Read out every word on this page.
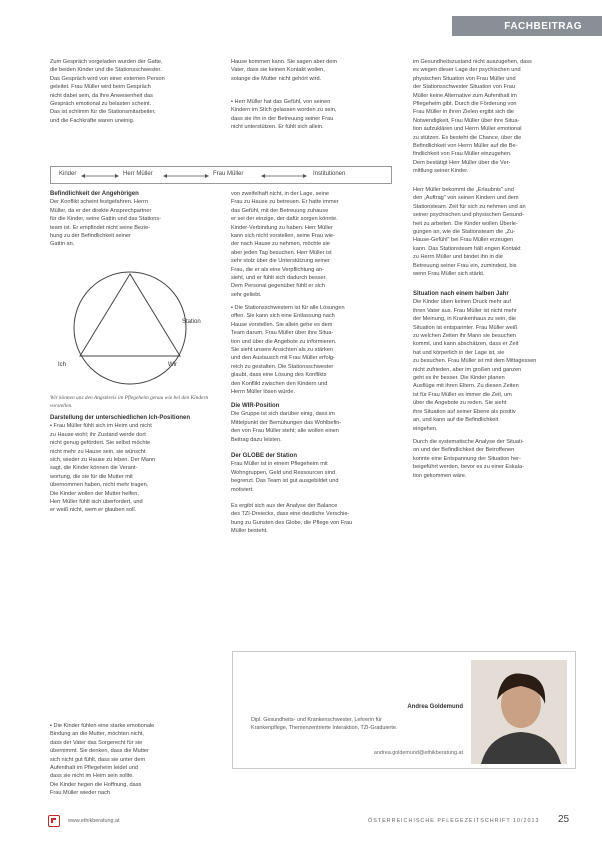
FACHBEITRAG
Zum Gespräch vorgeladen wurden der Gatte,
die beiden Kinder und die Stationsschwester.
Das Gespräch wird von einer externen Person
geleitet. Frau Müller wird beim Gespräch
nicht dabei sein, da ihre Anwesenheit das
Gespräch emotional zu belasten scheint.
Das ist schlimm für die Stationsmitarbeiter,
und die Fachkräfte waren uneinig.
Kinder	Herr Müller	Frau Müller	Institutionen
Befindlichkeit der Angehörigen
Der Konflikt scheint festgefahren. Herrn
Müller, da er der direkte Ansprechpartner
für die Kinder, seine Gattin und das Stations-
team ist. Er empfindet nicht seine Bezie-
hung zu der Befindlichkeit seiner
Gattin an.
Station
Ich	Wir
Wir können uns den Angstkreis im Pflegeheim genau wie bei den Kindern vorstellen.
Darstellung der unterschiedlichen Ich-Positionen
▪ Frau Müller fühlt sich im Heim und nicht
zu Hause wohl; ihr Zustand werde dort
nicht genug gefördert. Sie selbst möchte
nicht mehr zu Hause sein, sie wünscht
sich, wieder zu Hause zu leben. Der Mann
sagt, die Kinder können die Verant-
wortung, die sie für die Mutter mit
übernommen haben, nicht mehr tragen.
Die Kinder wollen der Mutter helfen.
Herr Müller fühlt sich überfordert, und
er weiß nicht, wem er glauben soll.
▪ Die Kinder fühlen eine starke emotionale
Bindung an die Mutter, möchten nicht,
dass der Vater das Sorgerecht für sie
übernimmt. Sie denken, dass die Mutter
sich nicht gut fühlt, dass sie unter dem
Aufenthalt im Pflegeheim leidet und
dass sie nicht im Heim sein sollte.
Die Kinder hegen die Hoffnung, dass
Frau Müller wieder nach
Hause kommen kann. Sie sagen aber dem
Vater, dass sie keinen Kontakt wollen,
solange die Mutter nicht gehört wird.
▪ Herr Müller hat das Gefühl, von seinen
Kindern im Stich gelassen worden zu sein,
dass sie ihn in der Betreuung seiner Frau
nicht unterstützen. Er fühlt sich allein.
von zweifelhaft nicht, in der Lage, seine
Frau zu Hause zu betreuen. Er hatte immer
das Gefühl, mit der Betreuung zuhause
er sei der einzige, der dafür sorgen könnte.
Kinder-Verbindung zu haben. Herr Müller
kann sich nicht vorstellen, seine Frau wie-
der nach Hause zu nehmen, möchte sie
aber jeden Tag besuchen. Herr Müller ist
sehr stolz über die Unterstützung seiner
Frau, die er als eine Verpflichtung an-
sieht, und er fühlt sich dadurch besser.
Dem Personal gegenüber fühlt er sich
sehr geliebt.
▪ Die Stationsschwestern ist für alle Lösungen
offen. Sie kann sich eine Entlassung nach
Hause vorstellen. Sie allein gehe es dem
Team darum, Frau Müller über ihre Situa-
tion und über die Angebote zu informieren.
Sie sieht unsere Ansichten als zu stärken
und den Austausch mit Frau Müller erfolg-
reich zu gestalten. Die Stationsschwester
glaubt, dass eine Lösung des Konflikts
den Konflikt zwischen den Kindern und
Herrn Müller lösen würde.
Die WIR-Position
Die Gruppe ist sich darüber einig, dass im
Mittelpunkt der Bemühungen das Wohlbefin-
den von Frau Müller steht; alle wollen einen
Beitrag dazu leisten.
Der GLOBE der Station
Frau Müller ist in einem Pflegeheim mit
Wohngruppen, Geld und Ressourcen sind
begrenzt. Das Team ist gut ausgebildet und
motiviert.
Es ergibt sich aus der Analyse der Balance
des TZI-Dreiecks, dass eine deutliche Verschie-
bung zu Gunsten des Globe, die Pflege von Frau
Müller besteht.
im Gesundheitszustand nicht auszugehen, dass
es wegen dieser Lage der psychischen und
physischen Situation von Frau Müller und
der Stationsschwester Situation von Frau
Müller keine Alternative zum Aufenthalt im
Pflegeheim gibt. Durch die Förderung von
Frau Müller in ihren Zielen ergibt sich die
Notwendigkeit, Frau Müller über ihre Situa-
tion aufzuklären und Herrn Müller emotional
zu stützen. Es besteht die Chance, über die
Befindlichkeit von Herrn Müller auf die Be-
findlichkeit von Frau Müller einzugehen.
Dem bestätigt Herr Müller über die Ver-
mittlung seiner Kinder.
Herr Müller bekommt die „Erlaubnis" und
den „Auftrag" von seinen Kindern und dem
Stationsteam. Zeit für sich zu nehmen und an
seiner psychischen und physischen Gesund-
heit zu arbeiten. Die Kinder wollen Überle-
gungen an, wie die Stationsteam die „Zu-
Hause-Gefühl" bei Frau Müller erzeugen
kann. Das Stationsteam hält engen Kontakt
zu Herrn Müller und bindet ihn in die
Betreuung seiner Frau ein, zumindest, bis
wenn Frau Müller sich stärkt.
Situation nach einem halben Jahr
Die Kinder üben keinen Druck mehr auf
ihren Vater aus. Frau Müller ist nicht mehr
der Meinung, in Krankenhaus zu sein, die
Situation ist entspannter. Frau Müller weiß
zu welchen Zeiten ihr Mann sie besuchen
kommt, und kann abschätzen, dass er Zeit
hat und körperlich in der Lage ist, sie
zu besuchen. Frau Müller ist mit dem Mittagessen
nicht zufrieden, aber im großen und ganzen
geht es ihr besser. Die Kinder planen
Ausflüge mit ihren Eltern. Zu diesen Zeiten
ist für Frau Müller es immer die Zeit, um
über die Angebote zu reden. Sie sieht
ihre Situation auf seiner Ebene als positiv
an, und kann auf die Befindlichkeit
eingehen.
Durch die systematische Analyse der Situati-
on und der Befindlichkeit der Betroffenen
konnte eine Entspannung der Situation her-
beigeführt werden, bevor es zu einer Eskala-
tion gekommen wäre.
Andrea Goldemund
Dipl. Gesundheits- und Krankenschwester, Lehrerin für
Krankenpflege, Themenzentrierte Interaktion, TZI-Graduierte.
andrea.goldemund@ethikberatung.at
www.ethikberatung.at	ÖSTERREICHISCHE PFLEGEZEITSCHRIFT 10/2013 25
